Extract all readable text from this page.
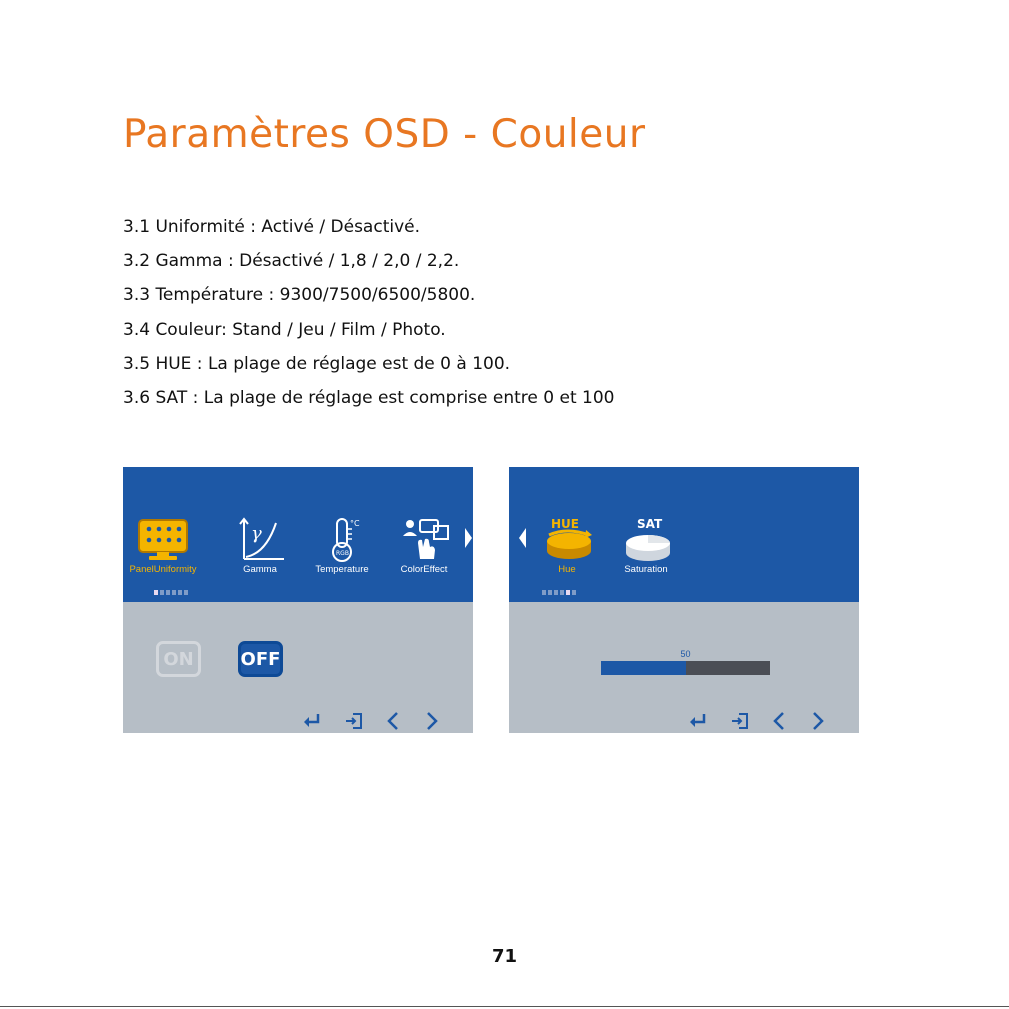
Paramètres OSD - Couleur
3.1 Uniformité : Activé / Désactivé.
3.2 Gamma : Désactivé / 1,8 / 2,0 / 2,2.
3.3 Température : 9300/7500/6500/5800.
3.4 Couleur: Stand / Jeu / Film / Photo.
3.5 HUE : La plage de réglage est de 0 à 100.
3.6 SAT : La plage de réglage est comprise entre 0 et 100
PanelUniformity
γ
Gamma
RGB
°C
Temperature	ColorEffect
ON	OFF
HUE
Hue
SAT
Saturation
50
71
